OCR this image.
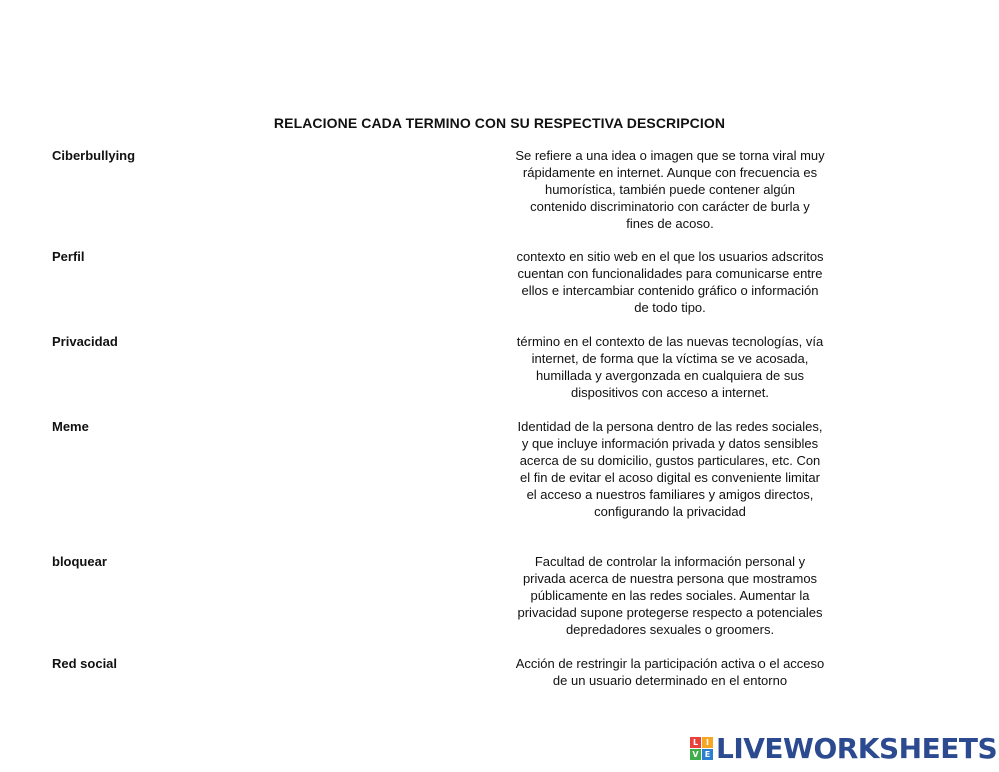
RELACIONE CADA TERMINO CON SU RESPECTIVA DESCRIPCION
Ciberbullying	Se refiere a una idea o imagen que se torna viral muy rápidamente en internet. Aunque con frecuencia es humorística, también puede contener algún contenido discriminatorio con carácter de burla y fines de acoso.
Perfil	contexto en sitio web en el que los usuarios adscritos cuentan con funcionalidades para comunicarse entre ellos e intercambiar contenido gráfico o información de todo tipo.
Privacidad	término en el contexto de las nuevas tecnologías, vía internet, de forma que la víctima se ve acosada, humillada y avergonzada en cualquiera de sus dispositivos con acceso a internet.
Meme	Identidad de la persona dentro de las redes sociales, y que incluye información privada y datos sensibles acerca de su domicilio, gustos particulares, etc. Con el fin de evitar el acoso digital es conveniente limitar el acceso a nuestros familiares y amigos directos, configurando la privacidad
bloquear	Facultad de controlar la información personal y privada acerca de nuestra persona que mostramos públicamente en las redes sociales. Aumentar la privacidad supone protegerse respecto a potenciales depredadores sexuales o groomers.
Red social	Acción de restringir la participación activa o el acceso de un usuario determinado en el entorno
L I
V E LIVEWORKSHEETS
